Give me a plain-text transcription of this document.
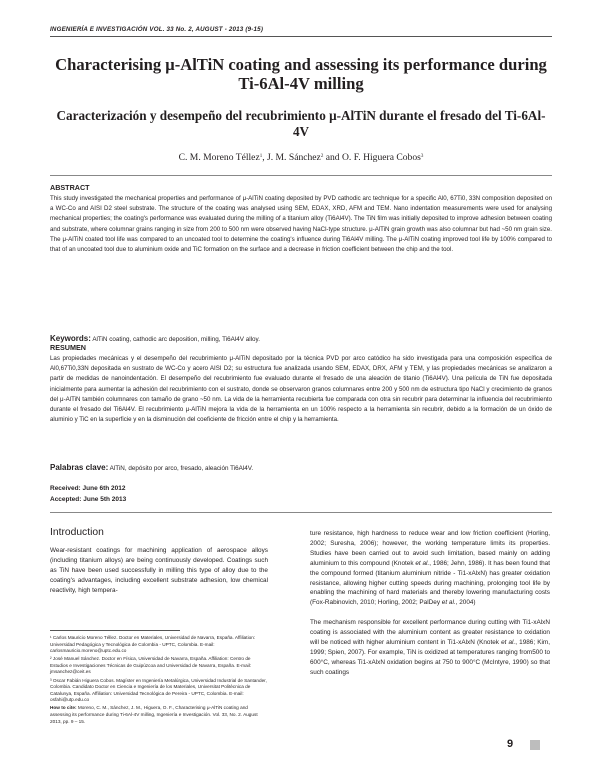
INGENIERÍA E INVESTIGACIÓN VOL. 33 No. 2, AUGUST - 2013 (9-15)
Characterising μ-AlTiN coating and assessing its performance during Ti-6Al-4V milling
Caracterización y desempeño del recubrimiento μ-AlTiN durante el fresado del Ti-6Al-4V
C. M. Moreno Téllez$^1$, J. M. Sánchez$^2$ and O. F. Higuera Cobos$^3$
ABSTRACT
This study investigated the mechanical properties and performance of μ-AlTiN coating deposited by PVD cathodic arc technique for a specific Al0, 67Ti0, 33N composition deposited on a WC-Co and AISI D2 steel substrate. The structure of the coating was analysed using SEM, EDAX, XRD, AFM and TEM. Nano indentation measurements were used for analysing mechanical properties; the coating's performance was evaluated during the milling of a titanium alloy (Ti6Al4V). The TiN film was initially deposited to improve adhesion between coating and substrate, where columnar grains ranging in size from 200 to 500 nm were observed having NaCl-type structure. μ-AlTiN grain growth was also columnar but had ~50 nm grain size. The μ-AlTiN coated tool life was compared to an uncoated tool to determine the coating's influence during Ti6Al4V milling. The μ-AlTiN coating improved tool life by 100% compared to that of an uncoated tool due to aluminium oxide and TiC formation on the surface and a decrease in friction coefficient between the chip and the tool.
Keywords: AlTiN coating, cathodic arc deposition, milling, Ti6Al4V alloy.
RESUMEN
Las propiedades mecánicas y el desempeño del recubrimiento μ-AlTiN depositado por la técnica PVD por arco catódico ha sido investigada para una composición específica de Al0,67Ti0,33N depositada en sustrato de WC-Co y acero AISI D2; su estructura fue analizada usando SEM, EDAX, DRX, AFM y TEM, y las propiedades mecánicas se analizaron a partir de medidas de nanoindentación. El desempeño del recubrimiento fue evaluado durante el fresado de una aleación de titanio (Ti6Al4V). Una película de TiN fue depositada inicialmente para aumentar la adhesión del recubrimiento con el sustrato, donde se observaron granos columnares entre 200 y 500 nm de estructura tipo NaCl y crecimiento de granos del μ-AlTiN también columnares con tamaño de grano ~50 nm. La vida de la herramienta recubierta fue comparada con otra sin recubrir para determinar la influencia del recubrimiento durante el fresado del Ti6Al4V. El recubrimiento μ-AlTiN mejora la vida de la herramienta en un 100% respecto a la herramienta sin recubrir, debido a la formación de un óxido de aluminio y TiC en la superficie y en la disminución del coeficiente de fricción entre el chip y la herramienta.
Palabras clave: AlTiN, depósito por arco, fresado, aleación Ti6Al4V.
Received: June 6th 2012
Accepted: June 5th 2013
Introduction

Wear-resistant coatings for machining application of aerospace alloys (including titanium alloys) are being continuously developed. Coatings such as TiN have been used successfully in milling this type of alloy due to the coating's advantages, including excellent substrate adhesion, low chemical reactivity, high tempera-

¹ Carlos Mauricio Moreno Téllez. Doctor en Materiales, Universidad de Navarra, España. Affiliation: Universidad Pedagógica y Tecnológica de Colombia - UPTC, Colombia. E-mail: carlosmauricio.moreno@uptc.edu.co
² José Manuel Sánchez. Doctor en Física, Universidad de Navarra, España. Affiliation: Centro de Estudios e Investigaciones Técnicas de Guipúzcoa and Universidad de Navarra, España. E-mail: jmsanchez@ceit.es
³ Oscar Fabián Higuera Cobos. Magíster en Ingeniería Metalúrgica, Universidad Industrial de Santander, Colombia. Candidato Doctor en Ciencia e Ingeniería de los Materiales, Universitat Politècnica de Catalunya, España. Affiliation: Universidad Tecnológica de Pereira - UPTC, Colombia. E-mail: osfahi@utp.edu.co
How to cite: Moreno, C. M., Sánchez, J. M., Higuera, O. F., Characterising μ-AlTiN coating and assessing its performance during Ti-6Al-4V milling, Ingeniería e Investigación. Vol. 33, No. 2. August 2013, pp. 9 – 15.

ture resistance, high hardness to reduce wear and low friction coefficient (Horling, 2002; Suresha, 2006); however, the working temperature limits its properties. Studies have been carried out to avoid such limitation, based mainly on adding aluminium to this compound (Knotek et al., 1986; Jehn, 1986). It has been found that the compound formed (titanium aluminium nitride - Ti1-xAlxN) has greater oxidation resistance, allowing higher cutting speeds during machining, prolonging tool life by enabling the machining of hard materials and thereby lowering manufacturing costs (Fox-Rabinovich, 2010; Horling, 2002; PalDey et al., 2004)

The mechanism responsible for excellent performance during cutting with Ti1-xAlxN coating is associated with the aluminium content as greater resistance to oxidation will be noticed with higher aluminium content in Ti1-xAlxN (Knotek et al., 1986; Kim, 1999; Spien, 2007). For example, TiN is oxidized at temperatures ranging from500 to 600°C, whereas Ti1-xAlxN oxidation begins at 750 to 900°C (McIntyre, 1990) so that such coatings

9
